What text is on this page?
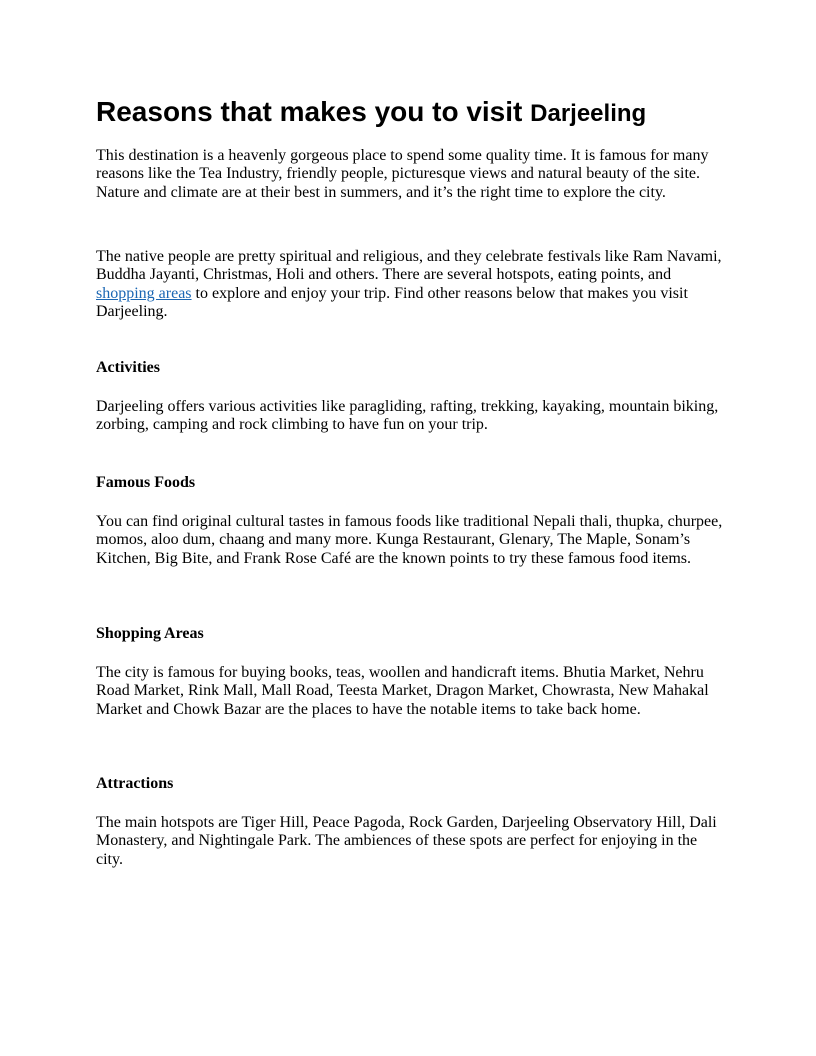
Reasons that makes you to visit Darjeeling

This destination is a heavenly gorgeous place to spend some quality time. It is famous for many reasons like the Tea Industry, friendly people, picturesque views and natural beauty of the site. Nature and climate are at their best in summers, and it’s the right time to explore the city.

The native people are pretty spiritual and religious, and they celebrate festivals like Ram Navami, Buddha Jayanti, Christmas, Holi and others. There are several hotspots, eating points, and shopping areas to explore and enjoy your trip. Find other reasons below that makes you visit Darjeeling.

Activities

Darjeeling offers various activities like paragliding, rafting, trekking, kayaking, mountain biking, zorbing, camping and rock climbing to have fun on your trip.

Famous Foods

You can find original cultural tastes in famous foods like traditional Nepali thali, thupka, churpee, momos, aloo dum, chaang and many more. Kunga Restaurant, Glenary, The Maple, Sonam’s Kitchen, Big Bite, and Frank Rose Café are the known points to try these famous food items.

Shopping Areas

The city is famous for buying books, teas, woollen and handicraft items. Bhutia Market, Nehru Road Market, Rink Mall, Mall Road, Teesta Market, Dragon Market, Chowrasta, New Mahakal Market and Chowk Bazar are the places to have the notable items to take back home.

Attractions

The main hotspots are Tiger Hill, Peace Pagoda, Rock Garden, Darjeeling Observatory Hill, Dali Monastery, and Nightingale Park. The ambiences of these spots are perfect for enjoying in the city.
